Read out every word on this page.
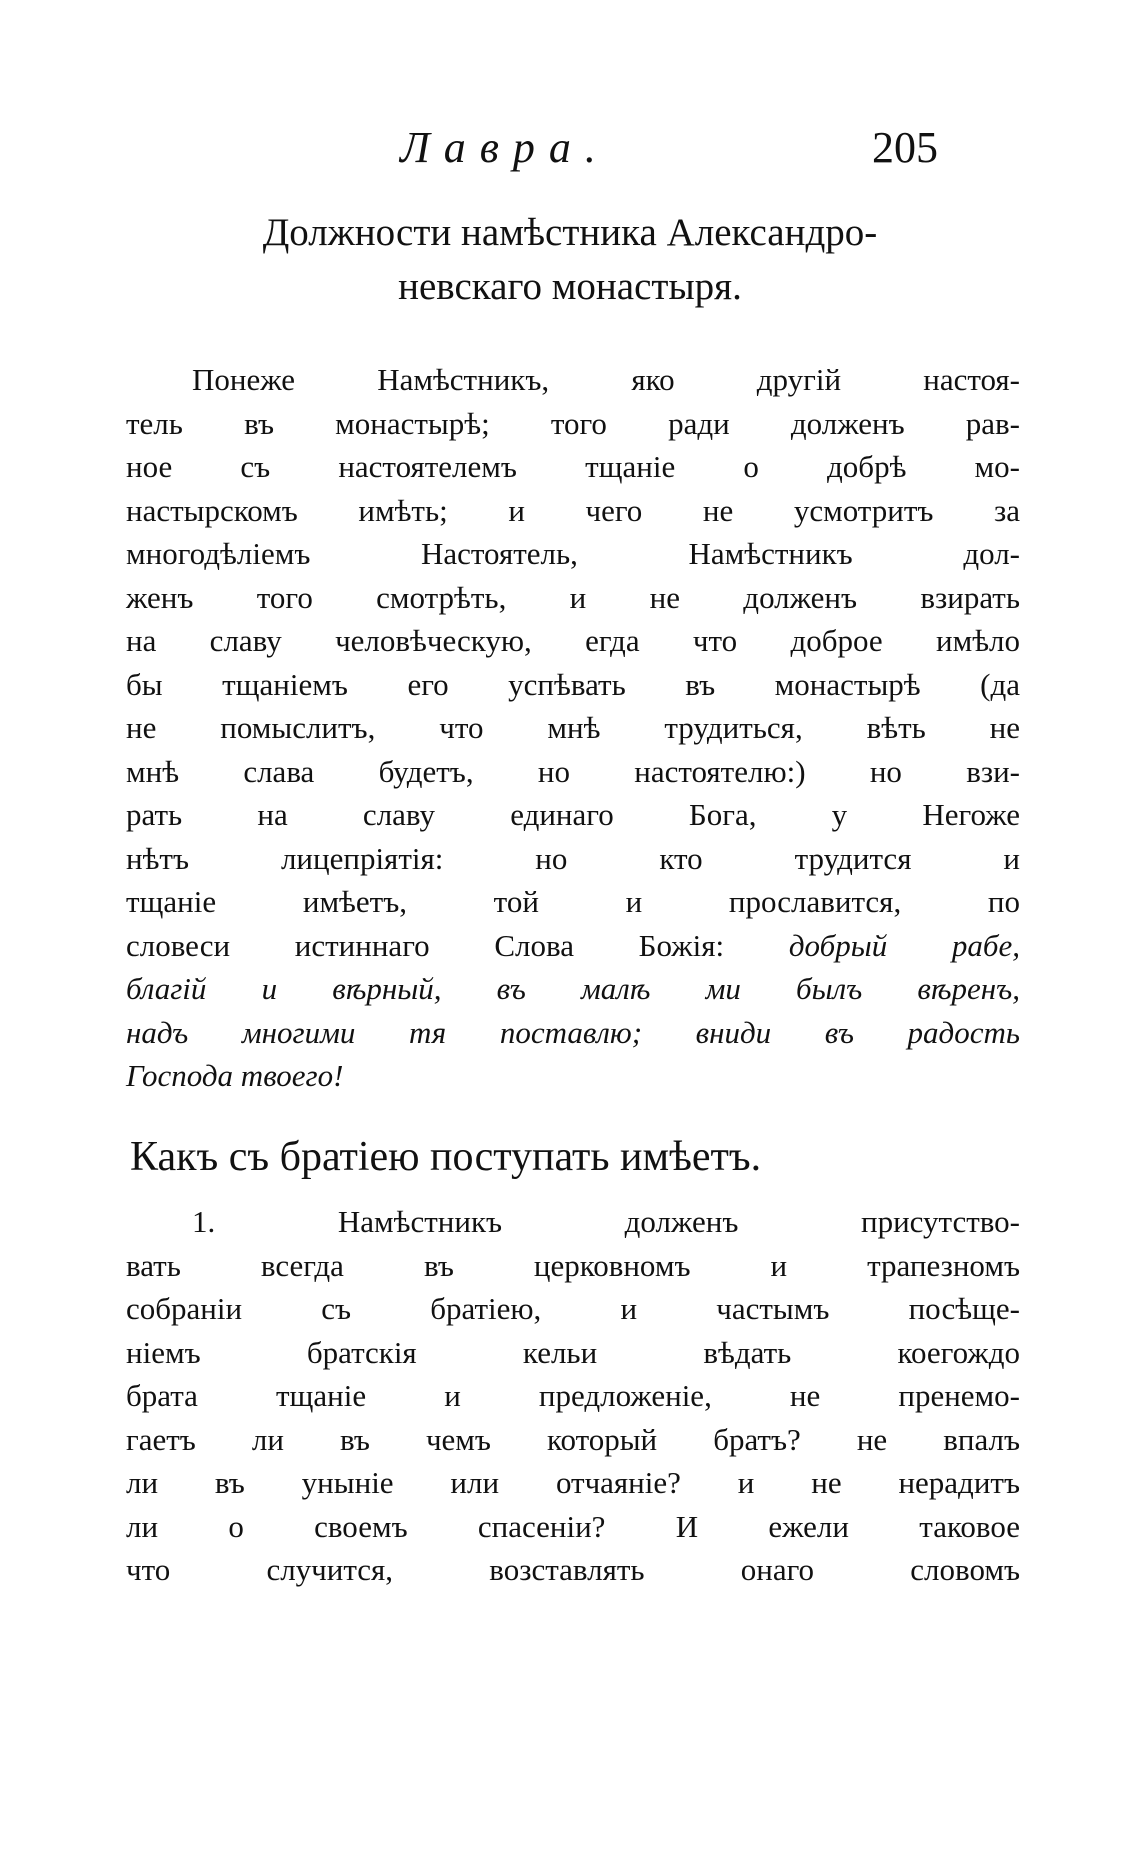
Лавра.	205
Должности намѣстника Александро-
невскаго монастыря.
Понеже Намѣстникъ, яко другій настоя-
тель въ монастырѣ; того ради долженъ рав-
ное съ настоятелемъ тщаніе о добрѣ мо-
настырскомъ имѣть; и чего не усмотритъ за
многодѣліемъ Настоятель, Намѣстникъ дол-
женъ того смотрѣть, и не долженъ взирать
на славу человѣческую, егда что доброе имѣло
бы тщаніемъ его успѣвать въ монастырѣ (да
не помыслитъ, что мнѣ трудиться, вѣть не
мнѣ слава будетъ, но настоятелю:) но взи-
рать на славу единаго Бога, у Негоже
нѣтъ лицепріятія: но кто трудится и
тщаніе имѣетъ, той и прославится, по
словеси истиннаго Слова Божія: добрый рабе,
благій и вѣрный, въ малѣ ми былъ вѣренъ,
надъ многими тя поставлю; вниди въ радость
Господа твоего!
Какъ съ братіею поступать имѣетъ.
1. Намѣстникъ долженъ присутство-
вать всегда въ церковномъ и трапезномъ
собраніи съ братіею, и частымъ посѣще-
ніемъ братскія кельи вѣдать коегождо
брата тщаніе и предложеніе, не пренемо-
гаетъ ли въ чемъ который братъ? не впалъ
ли въ уныніе или отчаяніе? и не нерадитъ
ли о своемъ спасеніи? И ежели таковое
что случится, возставлять онаго словомъ
